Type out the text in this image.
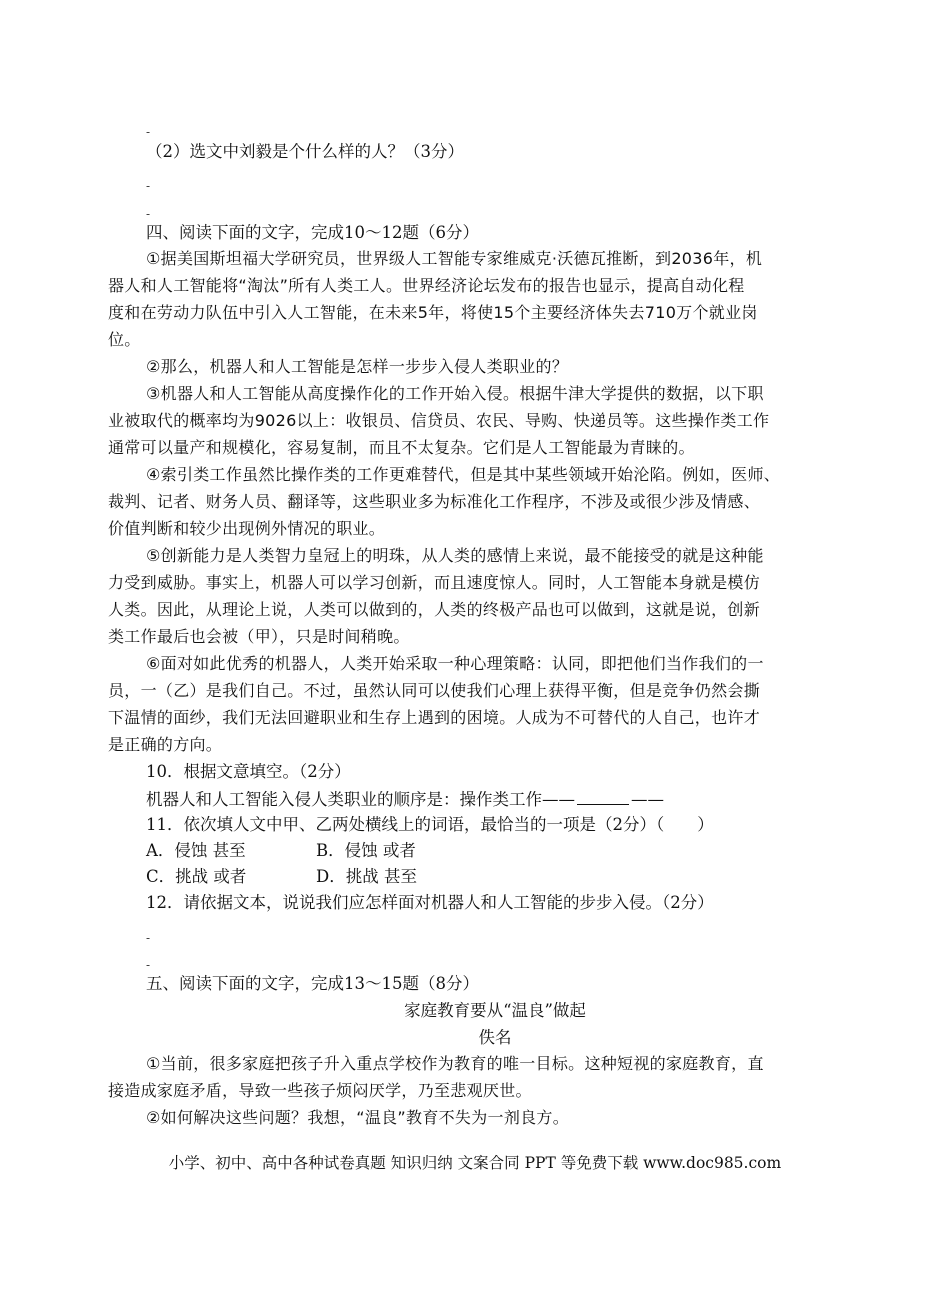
-
（2）选文中刘毅是个什么样的人？（3分）
-
-
四、阅读下面的文字，完成10～12题（6分）
①据美国斯坦福大学研究员，世界级人工智能专家维威克·沃德瓦推断，到2036年，机
器人和人工智能将“淘汰”所有人类工人。世界经济论坛发布的报告也显示，提高自动化程
度和在劳动力队伍中引入人工智能，在未来5年，将使15个主要经济体失去710万个就业岗
位。
②那么，机器人和人工智能是怎样一步步入侵人类职业的？
③机器人和人工智能从高度操作化的工作开始入侵。根据牛津大学提供的数据，以下职
业被取代的概率均为9026以上：收银员、信贷员、农民、导购、快递员等。这些操作类工作
通常可以量产和规模化，容易复制，而且不太复杂。它们是人工智能最为青睐的。
④索引类工作虽然比操作类的工作更难替代，但是其中某些领域开始沦陷。例如，医师、
裁判、记者、财务人员、翻译等，这些职业多为标准化工作程序，不涉及或很少涉及情感、
价值判断和较少出现例外情况的职业。
⑤创新能力是人类智力皇冠上的明珠，从人类的感情上来说，最不能接受的就是这种能
力受到威胁。事实上，机器人可以学习创新，而且速度惊人。同时，人工智能本身就是模仿
人类。因此，从理论上说，人类可以做到的，人类的终极产品也可以做到，这就是说，创新
类工作最后也会被（甲），只是时间稍晚。
⑥面对如此优秀的机器人，人类开始采取一种心理策略：认同，即把他们当作我们的一
员，一（乙）是我们自己。不过，虽然认同可以使我们心理上获得平衡，但是竞争仍然会撕
下温情的面纱，我们无法回避职业和生存上遇到的困境。人成为不可替代的人自己，也许才
是正确的方向。
10．根据文意填空。（2分）
机器人和人工智能入侵人类职业的顺序是：操作类工作——	——
11．依次填人文中甲、乙两处横线上的词语，最恰当的一项是（2分）（　　）
A．侵蚀 甚至	B．侵蚀 或者
C．挑战 或者	D．挑战 甚至
12．请依据文本，说说我们应怎样面对机器人和人工智能的步步入侵。（2分）
-
-
五、阅读下面的文字，完成13～15题（8分）
家庭教育要从“温良”做起
佚名
①当前，很多家庭把孩子升入重点学校作为教育的唯一目标。这种短视的家庭教育，直
接造成家庭矛盾，导致一些孩子烦闷厌学，乃至悲观厌世。
②如何解决这些问题？我想，“温良”教育不失为一剂良方。
小学、初中、高中各种试卷真题 知识归纳 文案合同 PPT 等免费下载 www.doc985.com
